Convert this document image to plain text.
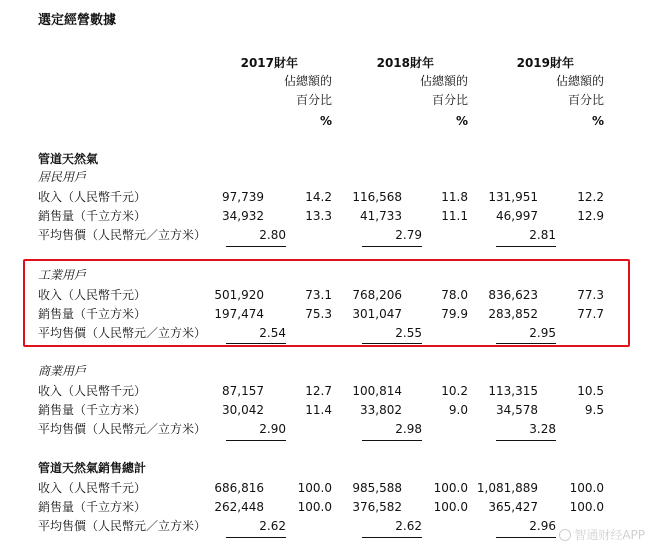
選定經營數據
2017財年
佔總額的
百分比
%
2018財年
佔總額的
百分比
%
2019財年
佔總額的
百分比
%
管道天然氣
居民用戶
收入（人民幣千元）	97,739	14.2	116,568	11.8	131,951	12.2
銷售量（千立方米）	34,932	13.3	41,733	11.1	46,997	12.9
平均售價（人民幣元／立方米）	2.80	2.79	2.81
工業用戶
收入（人民幣千元）	501,920	73.1	768,206	78.0	836,623	77.3
銷售量（千立方米）	197,474	75.3	301,047	79.9	283,852	77.7
平均售價（人民幣元／立方米）	2.54	2.55	2.95
商業用戶
收入（人民幣千元）	87,157	12.7	100,814	10.2	113,315	10.5
銷售量（千立方米）	30,042	11.4	33,802	9.0	34,578	9.5
平均售價（人民幣元／立方米）	2.90	2.98	3.28
管道天然氣銷售總計
收入（人民幣千元）	686,816	100.0	985,588	100.0 1,081,889	100.0
銷售量（千立方米）	262,448	100.0	376,582	100.0	365,427	100.0
平均售價（人民幣元／立方米）	2.62	2.62	2.96
智通财经APP
